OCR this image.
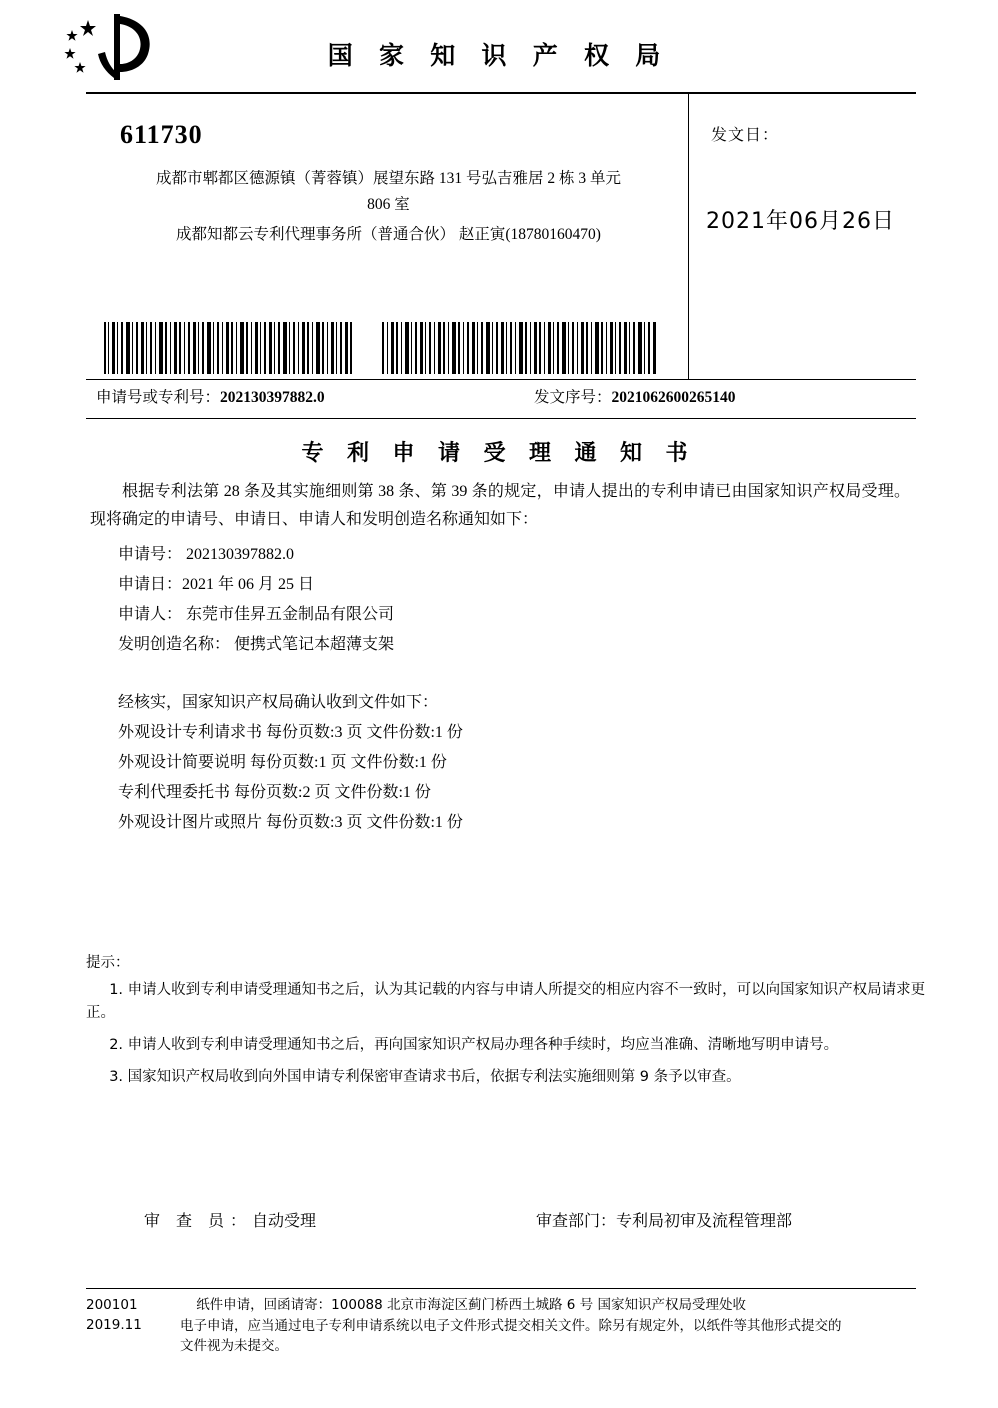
国 家 知 识 产 权 局
611730
成都市郫都区德源镇（菁蓉镇）展望东路 131 号弘吉雅居 2 栋 3 单元
806 室
成都知都云专利代理事务所（普通合伙） 赵正寅(18780160470)
发文日：
2021年06月26日
申请号或专利号：202130397882.0	发文序号：2021062600265140
专 利 申 请 受 理 通 知 书

根据专利法第 28 条及其实施细则第 38 条、第 39 条的规定，申请人提出的专利申请已由国家知识产权局受理。现将确定的申请号、申请日、申请人和发明创造名称通知如下：

申请号： 202130397882.0
申请日：2021 年 06 月 25 日
申请人： 东莞市佳昇五金制品有限公司
发明创造名称： 便携式笔记本超薄支架
经核实，国家知识产权局确认收到文件如下：
外观设计专利请求书 每份页数:3 页 文件份数:1 份
外观设计简要说明 每份页数:1 页 文件份数:1 份
专利代理委托书 每份页数:2 页 文件份数:1 份
外观设计图片或照片 每份页数:3 页 文件份数:1 份
提示：
1. 申请人收到专利申请受理通知书之后，认为其记载的内容与申请人所提交的相应内容不一致时，可以向国家知识产权局请求更正。
2. 申请人收到专利申请受理通知书之后，再向国家知识产权局办理各种手续时，均应当准确、清晰地写明申请号。
3. 国家知识产权局收到向外国申请专利保密审查请求书后，依据专利法实施细则第 9 条予以审查。
审 查 员：自动受理	审查部门：专利局初审及流程管理部
200101
2019.11
纸件申请，回函请寄：100088 北京市海淀区蓟门桥西土城路 6 号 国家知识产权局受理处收
电子申请，应当通过电子专利申请系统以电子文件形式提交相关文件。除另有规定外，以纸件等其他形式提交的
文件视为未提交。
